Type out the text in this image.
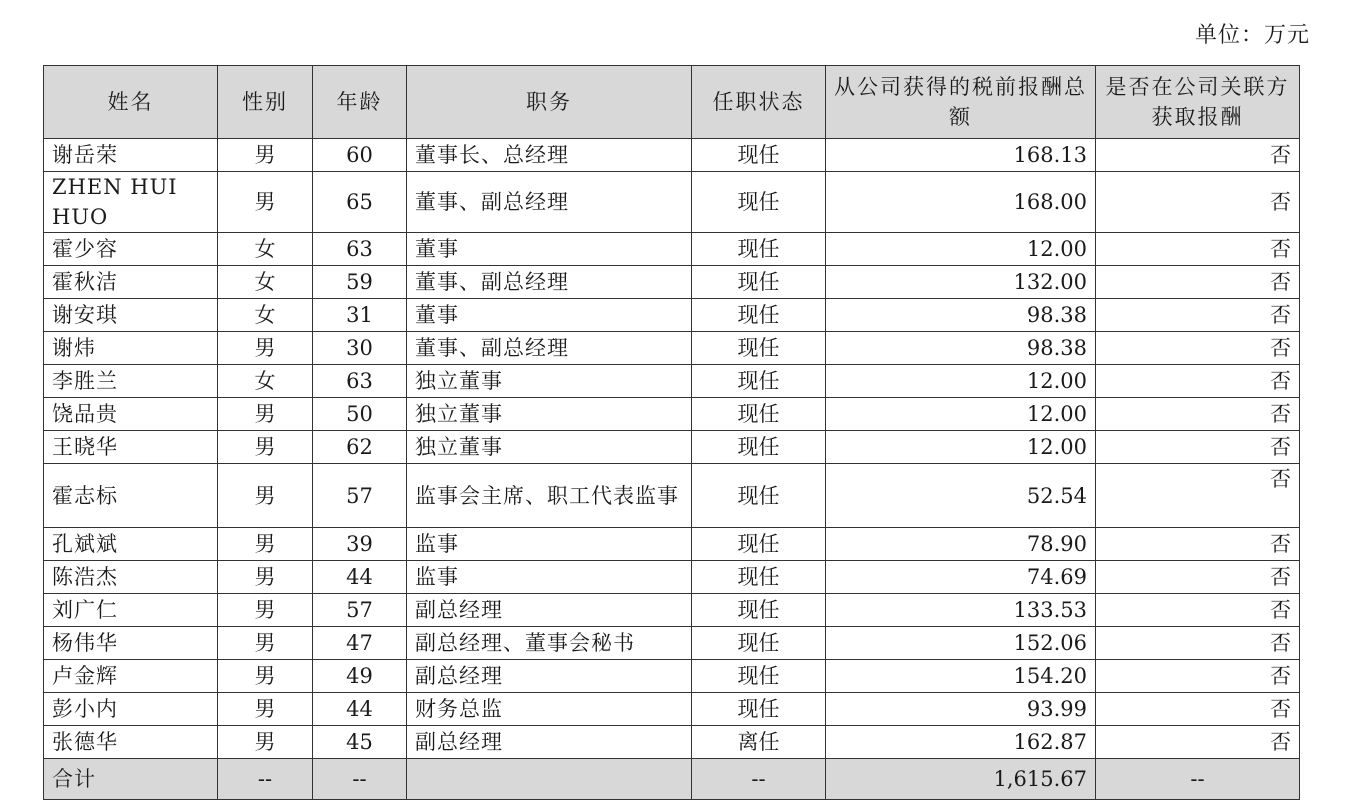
单位：万元
姓名	性别	年龄	职务	任职状态	从公司获得的税前报酬总额	是否在公司关联方获取报酬
谢岳荣	男	60	董事长、总经理	现任	168.13	否
ZHEN HUI HUO	男	65	董事、副总经理	现任	168.00	否
霍少容	女	63	董事	现任	12.00	否
霍秋洁	女	59	董事、副总经理	现任	132.00	否
谢安琪	女	31	董事	现任	98.38	否
谢炜	男	30	董事、副总经理	现任	98.38	否
李胜兰	女	63	独立董事	现任	12.00	否
饶品贵	男	50	独立董事	现任	12.00	否
王晓华	男	62	独立董事	现任	12.00	否
霍志标	男	57	监事会主席、职工代表监事	现任	52.54	否
孔斌斌	男	39	监事	现任	78.90	否
陈浩杰	男	44	监事	现任	74.69	否
刘广仁	男	57	副总经理	现任	133.53	否
杨伟华	男	47	副总经理、董事会秘书	现任	152.06	否
卢金辉	男	49	副总经理	现任	154.20	否
彭小内	男	44	财务总监	现任	93.99	否
张德华	男	45	副总经理	离任	162.87	否
合计	--	--		--	1,615.67	--
